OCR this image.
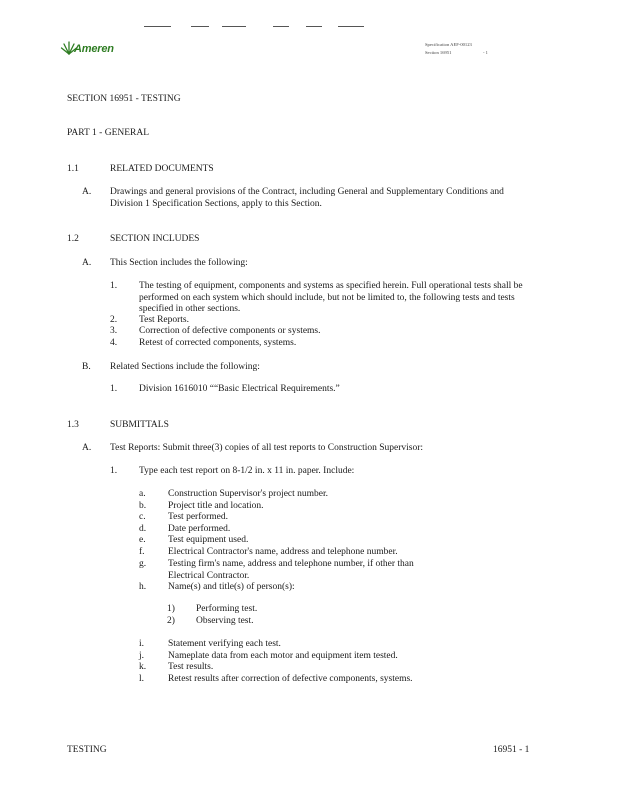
Ameren	Specification AEF-00123
Section 16951	- 1
SECTION 16951 - TESTING
PART 1 - GENERAL
1.1	RELATED DOCUMENTS
A. Drawings and general provisions of the Contract, including General and Supplementary Conditions and Division 1 Specification Sections, apply to this Section.
1.2	SECTION INCLUDES
A. This Section includes the following:
1. The testing of equipment, components and systems as specified herein. Full operational tests shall be performed on each system which should include, but not be limited to, the following tests and tests specified in other sections.
2. Test Reports.
3. Correction of defective components or systems.
4. Retest of corrected components, systems.
B. Related Sections include the following:
1. Division 1616010 ““Basic Electrical Requirements.”
1.3	SUBMITTALS
A. Test Reports: Submit three(3) copies of all test reports to Construction Supervisor:
1. Type each test report on 8-1/2 in. x 11 in. paper. Include:
a. Construction Supervisor's project number.
b. Project title and location.
c. Test performed.
d. Date performed.
e. Test equipment used.
f. Electrical Contractor's name, address and telephone number.
g. Testing firm's name, address and telephone number, if other than Electrical Contractor.
h. Name(s) and title(s) of person(s):
1) Performing test.
2) Observing test.
i.	Statement verifying each test.
j.	Nameplate data from each motor and equipment item tested.
k. Test results.
l.	Retest results after correction of defective components, systems.
TESTING	16951 - 1
